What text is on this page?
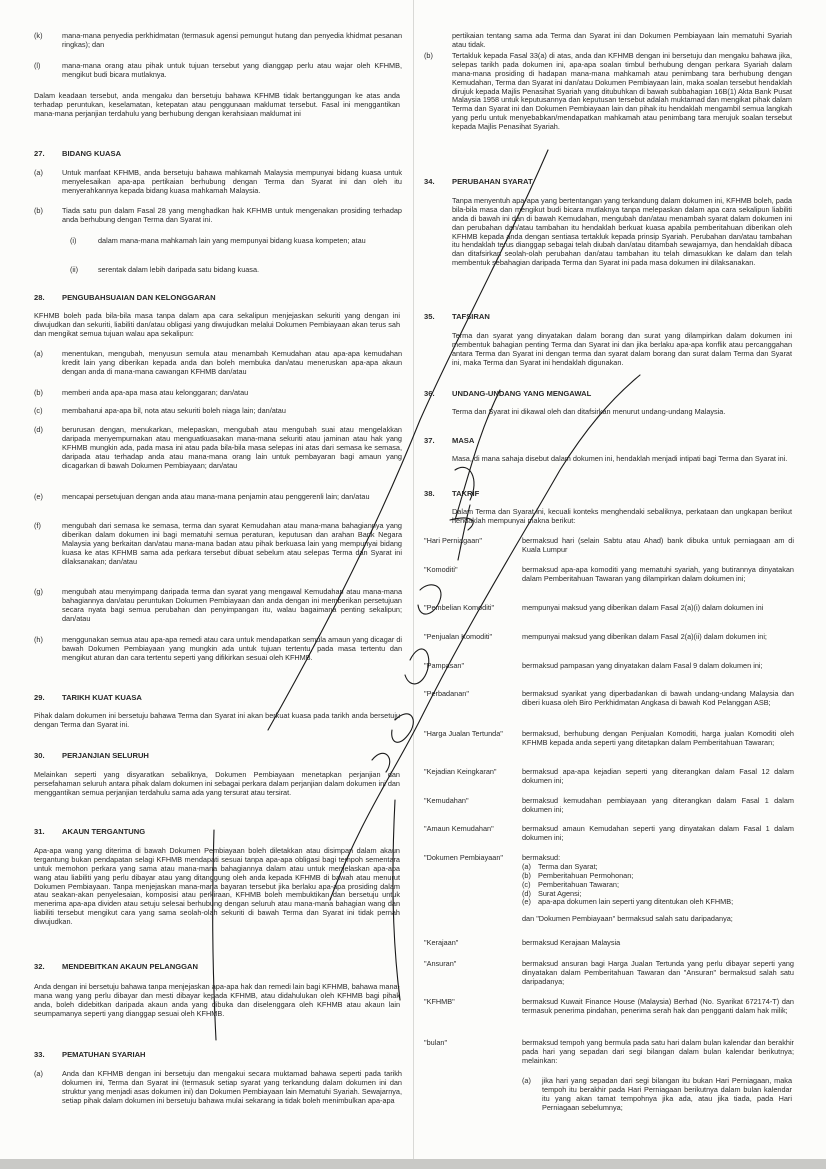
(k)	mana-mana penyedia perkhidmatan (termasuk agensi pemungut hutang dan penyedia khidmat pesanan ringkas); dan
(l)	mana-mana orang atau pihak untuk tujuan tersebut yang dianggap perlu atau wajar oleh KFHMB, mengikut budi bicara mutlaknya.
Dalam keadaan tersebut, anda mengaku dan bersetuju bahawa KFHMB tidak bertanggungan ke atas anda terhadap peruntukan, keselamatan, ketepatan atau penggunaan maklumat tersebut. Fasal ini menggantikan mana-mana perjanjian terdahulu yang berhubung dengan kerahsiaan maklumat ini
27. BIDANG KUASA
(a)	Untuk manfaat KFHMB, anda bersetuju bahawa mahkamah Malaysia mempunyai bidang kuasa untuk menyelesaikan apa-apa pertikaian berhubung dengan Terma dan Syarat ini dan oleh itu menyerahkannya kepada bidang kuasa mahkamah Malaysia.
(b)	Tiada satu pun dalam Fasal 28 yang menghadkan hak KFHMB untuk mengenakan prosiding terhadap anda berhubung dengan Terma dan Syarat ini.
(i)	dalam mana-mana mahkamah lain yang mempunyai bidang kuasa kompeten; atau
(ii)	serentak dalam lebih daripada satu bidang kuasa.
28. PENGUBAHSUAIAN DAN KELONGGARAN
KFHMB boleh pada bila-bila masa tanpa dalam apa cara sekalipun menjejaskan sekuriti yang dengan ini diwujudkan dan sekuriti, liabiliti dan/atau obligasi yang diwujudkan melalui Dokumen Pembiayaan akan terus sah dan mengikat semua tujuan walau apa sekalipun:
(a)	menentukan, mengubah, menyusun semula atau menambah Kemudahan atau apa-apa kemudahan kredit lain yang diberikan kepada anda dan boleh membuka dan/atau meneruskan apa-apa akaun dengan anda di mana-mana cawangan KFHMB dan/atau
(b)	memberi anda apa-apa masa atau kelonggaran; dan/atau
(c)	membaharui apa-apa bil, nota atau sekuriti boleh niaga lain; dan/atau
(d)	berurusan dengan, menukarkan, melepaskan, mengubah atau mengubah suai atau mengelakkan daripada menyempurnakan atau menguatkuasakan mana-mana sekuriti atau jaminan atau hak yang KFHMB mungkin ada, pada masa ini atau pada bila-bila masa selepas ini atas dari semasa ke semasa, daripada atau terhadap anda atau mana-mana orang lain untuk pembayaran bagi amaun yang dicagarkan di bawah Dokumen Pembiayaan; dan/atau
(e)	mencapai persetujuan dengan anda atau mana-mana penjamin atau penggerenli lain; dan/atau
(f)	mengubah dari semasa ke semasa, terma dan syarat Kemudahan atau mana-mana bahagiannya yang diberikan dalam dokumen ini bagi mematuhi semua peraturan, keputusan dan arahan Bank Negara Malaysia yang berkaitan dan/atau mana-mana badan atau pihak berkuasa lain yang mempunyai bidang kuasa ke atas KFHMB sama ada perkara tersebut dibuat sebelum atau selepas Terma dan Syarat ini dilaksanakan; dan/atau
(g)	mengubah atau menyimpang daripada terma dan syarat yang mengawal Kemudahan atau mana-mana bahagiannya dan/atau peruntukan Dokumen Pembiayaan dan anda dengan ini memberikan persetujuan secara nyata bagi semua perubahan dan penyimpangan itu, walau bagaimana penting sekalipun; dan/atau
(h)	menggunakan semua atau apa-apa remedi atau cara untuk mendapatkan semula amaun yang dicagar di bawah Dokumen Pembiayaan yang mungkin ada untuk tujuan tertentu, pada masa tertentu dan mengikut aturan dan cara tertentu seperti yang difikirkan sesuai oleh KFHMB.
29. TARIKH KUAT KUASA
Pihak dalam dokumen ini bersetuju bahawa Terma dan Syarat ini akan berkuat kuasa pada tarikh anda bersetuju dengan Terma dan Syarat ini.
30. PERJANJIAN SELURUH
Melainkan seperti yang disyaratkan sebaliknya, Dokumen Pembiayaan menetapkan perjanjian dan persefahaman seluruh antara pihak dalam dokumen ini sebagai perkara dalam perjanjian dalam dokumen ini dan menggantikan semua perjanjian terdahulu sama ada yang tersurat atau tersirat.
31. AKAUN TERGANTUNG
Apa-apa wang yang diterima di bawah Dokumen Pembiayaan boleh diletakkan atau disimpan dalam akaun tergantung bukan pendapatan selagi KFHMB mendapati sesuai tanpa apa-apa obligasi bagi tempoh sementara untuk memohon perkara yang sama atau mana-mana bahagiannya dalam atau untuk menjelaskan apa-apa wang atau liabiliti yang perlu dibayar atau yang ditanggung oleh anda kepada KFHMB di bawah atau menurut Dokumen Pembiayaan. Tanpa menjejaskan mana-mana bayaran tersebut jika berlaku apa-apa prosiding dalam atau seakan-akan penyelesaian, komposisi atau perkiraan, KFHMB boleh membuktikan dan bersetuju untuk menerima apa-apa dividen atau setuju selesai berhubung dengan seluruh atau mana-mana bahagian wang dan liabiliti tersebut mengikut cara yang sama seolah-olah sekuriti di bawah Terma dan Syarat ini tidak pernah diwujudkan.
32. MENDEBITKAN AKAUN PELANGGAN
Anda dengan ini bersetuju bahawa tanpa menjejaskan apa-apa hak dan remedi lain bagi KFHMB, bahawa mana-mana wang yang perlu dibayar dan mesti dibayar kepada KFHMB, atau didahulukan oleh KFHMB bagi pihak anda, boleh didebitkan daripada akaun anda yang dibuka dan diselenggara oleh KFHMB atau akaun lain seumpamanya seperti yang dianggap sesuai oleh KFHMB.
33. PEMATUHAN SYARIAH
(a)	Anda dan KFHMB dengan ini bersetuju dan mengakui secara muktamad bahawa seperti pada tarikh dokumen ini, Terma dan Syarat ini (termasuk setiap syarat yang terkandung dalam dokumen ini dan struktur yang menjadi asas dokumen ini) dan Dokumen Pembiayaan lain Mematuhi Syariah. Sewajarnya, setiap pihak dalam dokumen ini bersetuju bahawa mulai sekarang ia tidak boleh menimbulkan apa-apa
pertikaian tentang sama ada Terma dan Syarat ini dan Dokumen Pembiayaan lain mematuhi Syariah atau tidak.
(b)	Tertakluk kepada Fasal 33(a) di atas, anda dan KFHMB dengan ini bersetuju dan mengaku bahawa jika, selepas tarikh pada dokumen ini, apa-apa soalan timbul berhubung dengan perkara Syariah dalam mana-mana prosiding di hadapan mana-mana mahkamah atau penimbang tara berhubung dengan Kemudahan, Terma dan Syarat ini dan/atau Dokumen Pembiayaan lain, maka soalan tersebut hendaklah dirujuk kepada Majlis Penasihat Syariah yang ditubuhkan di bawah subbahagian 16B(1) Akta Bank Pusat Malaysia 1958 untuk keputusannya dan keputusan tersebut adalah muktamad dan mengikat pihak dalam Terma dan Syarat ini dan Dokumen Pembiayaan lain dan pihak itu hendaklah mengambil semua langkah yang perlu untuk menyebabkan/mendapatkan mahkamah atau penimbang tara merujuk soalan tersebut kepada Majlis Penasihat Syariah.
34. PERUBAHAN SYARAT
Tanpa menyentuh apa-apa yang bertentangan yang terkandung dalam dokumen ini, KFHMB boleh, pada bila-bila masa dan mengikut budi bicara mutlaknya tanpa melepaskan dalam apa cara sekalipun liabiliti anda di bawah ini dan di bawah Kemudahan, mengubah dan/atau menambah syarat dalam dokumen ini dan perubahan dan/atau tambahan itu hendaklah berkuat kuasa apabila pemberitahuan diberikan oleh KFHMB kepada anda dengan sentiasa tertakluk kepada prinsip Syariah. Perubahan dan/atau tambahan itu hendaklah terus dianggap sebagai telah diubah dan/atau ditambah sewajarnya, dan hendaklah dibaca dan ditafsirkan seolah-olah perubahan dan/atau tambahan itu telah dimasukkan ke dalam dan telah membentuk sebahagian daripada Terma dan Syarat ini pada masa dokumen ini dilaksanakan.
35. TAFSIRAN
Terma dan syarat yang dinyatakan dalam borang dan surat yang dilampirkan dalam dokumen ini membentuk bahagian penting Terma dan Syarat ini dan jika berlaku apa-apa konflik atau percanggahan antara Terma dan Syarat ini dengan terma dan syarat dalam borang dan surat dalam Terma dan Syarat ini, maka Terma dan Syarat ini hendaklah digunakan.
36. UNDANG-UNDANG YANG MENGAWAL
Terma dan Syarat ini dikawal oleh dan ditafsirkan menurut undang-undang Malaysia.
37. MASA
Masa, di mana sahaja disebut dalam dokumen ini, hendaklah menjadi intipati bagi Terma dan Syarat ini.
38. TAKRIF
Dalam Terma dan Syarat ini, kecuali konteks menghendaki sebaliknya, perkataan dan ungkapan berikut hendaklah mempunyai makna berikut:
"Hari Perniagaan"	bermaksud hari (selain Sabtu atau Ahad) bank dibuka untuk perniagaan am di Kuala Lumpur
"Komoditi"	bermaksud apa-apa komoditi yang mematuhi syariah, yang butirannya dinyatakan dalam Pemberitahuan Tawaran yang dilampirkan dalam dokumen ini;
"Pembelian Komoditi"	mempunyai maksud yang diberikan dalam Fasal 2(a)(i) dalam dokumen ini
"Penjualan Komoditi"	mempunyai maksud yang diberikan dalam Fasal 2(a)(ii) dalam dokumen ini;
"Pampasan"	bermaksud pampasan yang dinyatakan dalam Fasal 9 dalam dokumen ini;
"Perbadanan"	bermaksud syarikat yang diperbadankan di bawah undang-undang Malaysia dan diberi kuasa oleh Biro Perkhidmatan Angkasa di bawah Kod Pelanggan ASB;
"Harga Jualan Tertunda"	bermaksud, berhubung dengan Penjualan Komoditi, harga jualan Komoditi oleh KFHMB kepada anda seperti yang ditetapkan dalam Pemberitahuan Tawaran;
"Kejadian Keingkaran"	bermaksud apa-apa kejadian seperti yang diterangkan dalam Fasal 12 dalam dokumen ini;
"Kemudahan"	bermaksud kemudahan pembiayaan yang diterangkan dalam Fasal 1 dalam dokumen ini;
"Amaun Kemudahan"	bermaksud amaun Kemudahan seperti yang dinyatakan dalam Fasal 1 dalam dokumen ini;
"Dokumen Pembiayaan"	bermaksud:
(a) Terma dan Syarat;
(b) Pemberitahuan Permohonan;
(c) Pemberitahuan Tawaran;
(d) Surat Agensi;
(e) apa-apa dokumen lain seperti yang ditentukan oleh KFHMB;
dan "Dokumen Pembiayaan" bermaksud salah satu daripadanya;
"Kerajaan"	bermaksud Kerajaan Malaysia
"Ansuran"	bermaksud ansuran bagi Harga Jualan Tertunda yang perlu dibayar seperti yang dinyatakan dalam Pemberitahuan Tawaran dan "Ansuran" bermaksud salah satu daripadanya;
"KFHMB"	bermaksud Kuwait Finance House (Malaysia) Berhad (No. Syarikat 672174-T) dan termasuk penerima pindahan, penerima serah hak dan pengganti dalam hak milik;
"bulan"	bermaksud tempoh yang bermula pada satu hari dalam bulan kalendar dan berakhir pada hari yang sepadan dari segi bilangan dalam bulan kalendar berikutnya; melainkan:
(a) jika hari yang sepadan dari segi bilangan itu bukan Hari Perniagaan, maka tempoh itu berakhir pada Hari Perniagaan berikutnya dalam bulan kalendar itu yang akan tamat tempohnya jika ada, atau jika tiada, pada Hari Perniagaan sebelumnya;
